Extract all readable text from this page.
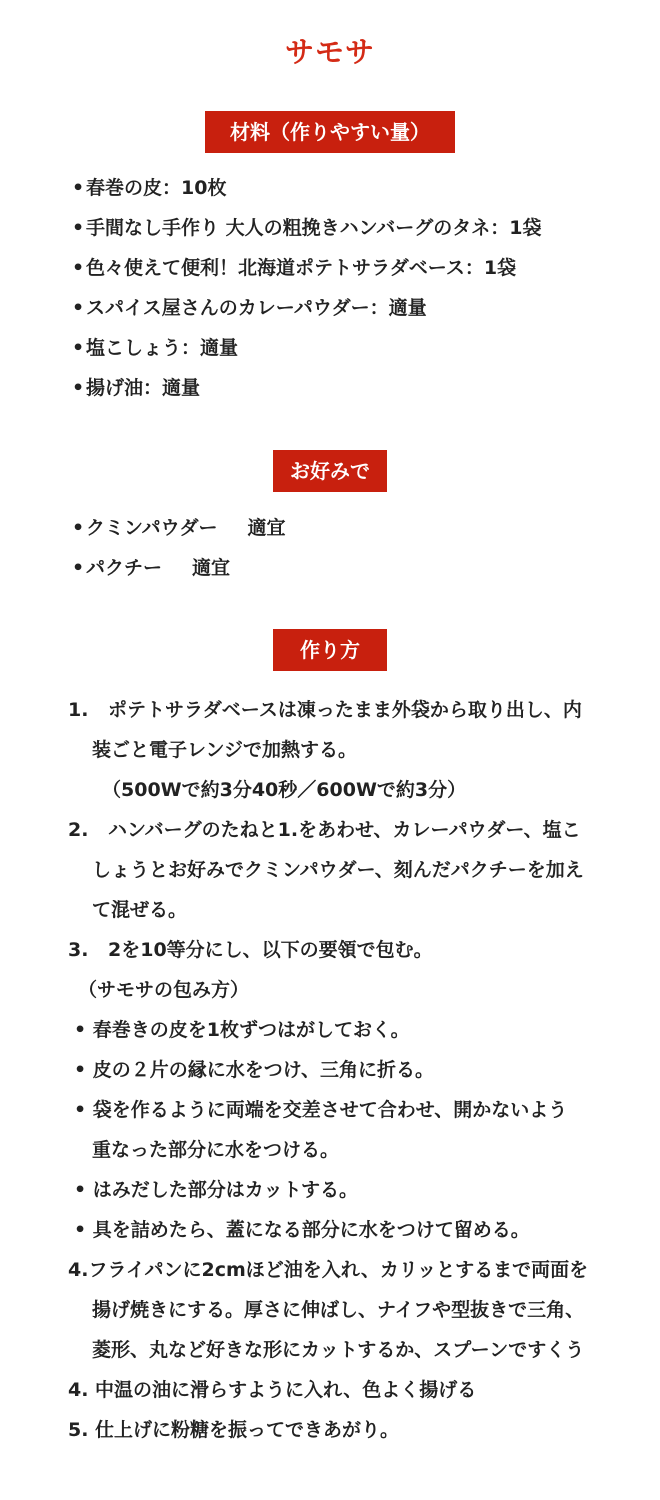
サモサ
材料（作りやすい量）
• 春巻の皮：10枚
• 手間なし手作り 大人の粗挽きハンバーグのタネ：1袋
• 色々使えて便利！北海道ポテトサラダベース：1袋
• スパイス屋さんのカレーパウダー：適量
• 塩こしょう：適量
• 揚げ油：適量
お好みで
• クミンパウダー 適宜
• パクチー 適宜
作り方
1. ポテトサラダベースは凍ったまま外袋から取り出し、内
装ごと電子レンジで加熱する。
（500Wで約3分40秒／600Wで約3分）
2. ハンバーグのたねと1.をあわせ、カレーパウダー、塩こ
しょうとお好みでクミンパウダー、刻んだパクチーを加え
て混ぜる。
3. 2を10等分にし、以下の要領で包む。
（サモサの包み方）
• 春巻きの皮を1枚ずつはがしておく。
• 皮の２片の縁に水をつけ、三角に折る。
• 袋を作るように両端を交差させて合わせ、開かないよう
重なった部分に水をつける。
• はみだした部分はカットする。
• 具を詰めたら、蓋になる部分に水をつけて留める。
4.フライパンに2cmほど油を入れ、カリッとするまで両面を
揚げ焼きにする。厚さに伸ばし、ナイフや型抜きで三角、
菱形、丸など好きな形にカットするか、スプーンですくう
4. 中温の油に滑らすように入れ、色よく揚げる
5. 仕上げに粉糖を振ってできあがり。
